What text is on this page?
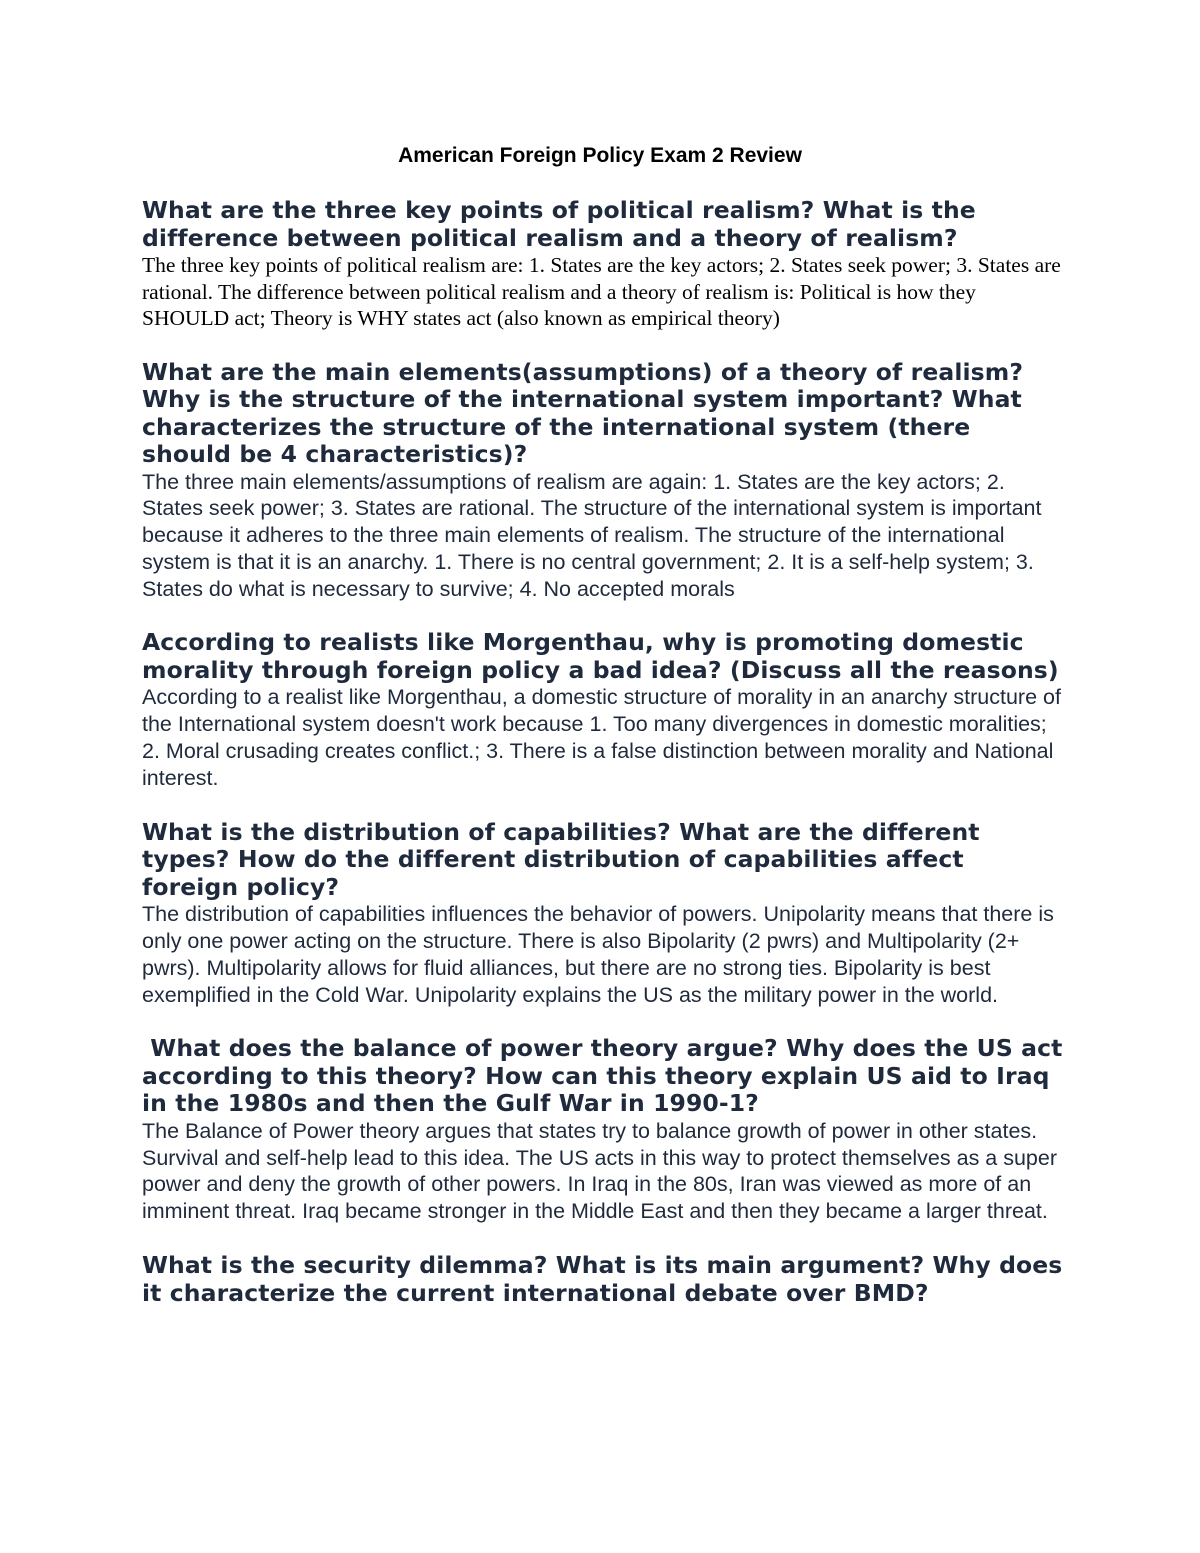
American Foreign Policy Exam 2 Review

What are the three key points of political realism? What is the difference between political realism and a theory of realism?

The three key points of political realism are: 1. States are the key actors; 2. States seek power; 3. States are rational. The difference between political realism and a theory of realism is: Political is how they SHOULD act; Theory is WHY states act (also known as empirical theory)

What are the main elements(assumptions) of a theory of realism? Why is the structure of the international system important? What characterizes the structure of the international system (there should be 4 characteristics)?

The three main elements/assumptions of realism are again: 1. States are the key actors; 2. States seek power; 3. States are rational. The structure of the international system is important because it adheres to the three main elements of realism. The structure of the international system is that it is an anarchy. 1. There is no central government; 2. It is a self-help system; 3. States do what is necessary to survive; 4. No accepted morals

According to realists like Morgenthau, why is promoting domestic morality through foreign policy a bad idea? (Discuss all the reasons)

According to a realist like Morgenthau, a domestic structure of morality in an anarchy structure of the International system doesn't work because 1. Too many divergences in domestic moralities; 2. Moral crusading creates conflict.; 3. There is a false distinction between morality and National interest.

What is the distribution of capabilities? What are the different types? How do the different distribution of capabilities affect foreign policy?

The distribution of capabilities influences the behavior of powers. Unipolarity means that there is only one power acting on the structure. There is also Bipolarity (2 pwrs) and Multipolarity (2+ pwrs). Multipolarity allows for fluid alliances, but there are no strong ties. Bipolarity is best exemplified in the Cold War. Unipolarity explains the US as the military power in the world.

What does the balance of power theory argue? Why does the US act according to this theory? How can this theory explain US aid to Iraq in the 1980s and then the Gulf War in 1990-1?

The Balance of Power theory argues that states try to balance growth of power in other states. Survival and self-help lead to this idea. The US acts in this way to protect themselves as a super power and deny the growth of other powers. In Iraq in the 80s, Iran was viewed as more of an imminent threat. Iraq became stronger in the Middle East and then they became a larger threat.

What is the security dilemma? What is its main argument? Why does it characterize the current international debate over BMD?
